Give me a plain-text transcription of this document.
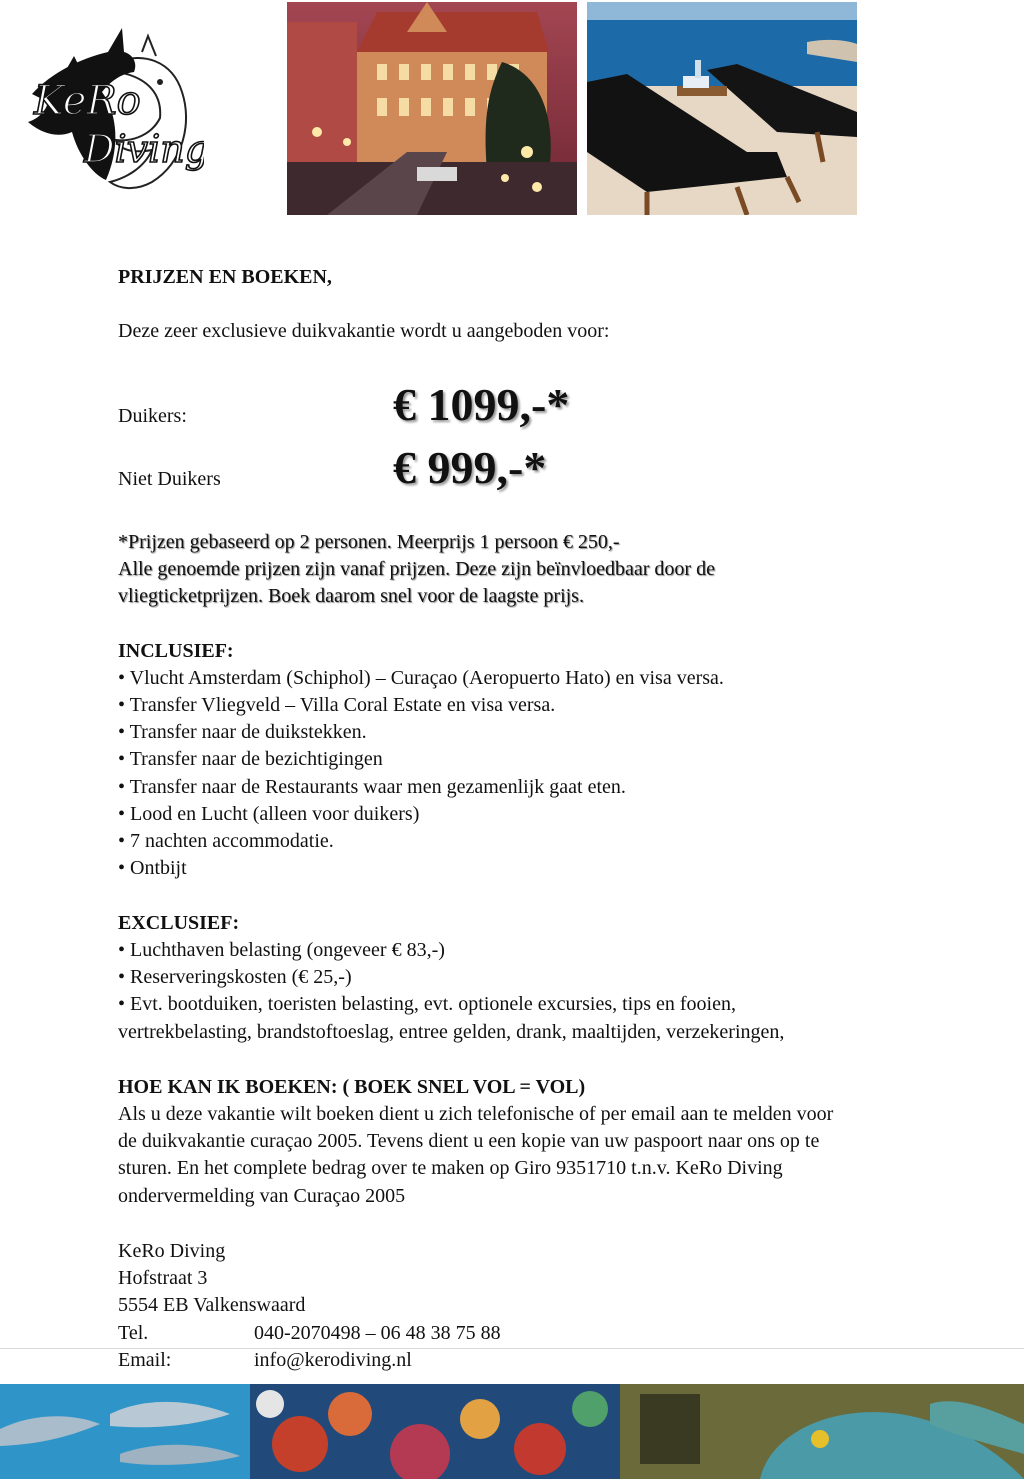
KeRo
Diving
PRIJZEN EN BOEKEN,
Deze zeer exclusieve duikvakantie wordt u aangeboden voor:
Duikers:	€ 1099,-*
Niet Duikers	€ 999,-*
*Prijzen gebaseerd op 2 personen. Meerprijs 1 persoon € 250,-
Alle genoemde prijzen zijn vanaf prijzen. Deze zijn beïnvloedbaar door de
vliegticketprijzen. Boek daarom snel voor de laagste prijs.
INCLUSIEF:
• Vlucht Amsterdam (Schiphol) – Curaçao (Aeropuerto Hato) en visa versa.
• Transfer Vliegveld – Villa Coral Estate en visa versa.
• Transfer naar de duikstekken.
• Transfer naar de bezichtigingen
• Transfer naar de Restaurants waar men gezamenlijk gaat eten.
• Lood en Lucht (alleen voor duikers)
• 7 nachten accommodatie.
• Ontbijt
EXCLUSIEF:
• Luchthaven belasting (ongeveer € 83,-)
• Reserveringskosten (€ 25,-)
• Evt. bootduiken, toeristen belasting, evt. optionele excursies, tips en fooien,
vertrekbelasting, brandstoftoeslag, entree gelden, drank, maaltijden, verzekeringen,
HOE KAN IK BOEKEN: ( BOEK SNEL VOL = VOL)
Als u deze vakantie wilt boeken dient u zich telefonische of per email aan te melden voor
de duikvakantie curaçao 2005. Tevens dient u een kopie van uw paspoort naar ons op te
sturen. En het complete bedrag over te maken op Giro 9351710 t.n.v. KeRo Diving
ondervermelding van Curaçao 2005
KeRo Diving
Hofstraat 3
5554 EB Valkenswaard
Tel.	040-2070498 – 06 48 38 75 88
Email:	info@kerodiving.nl
